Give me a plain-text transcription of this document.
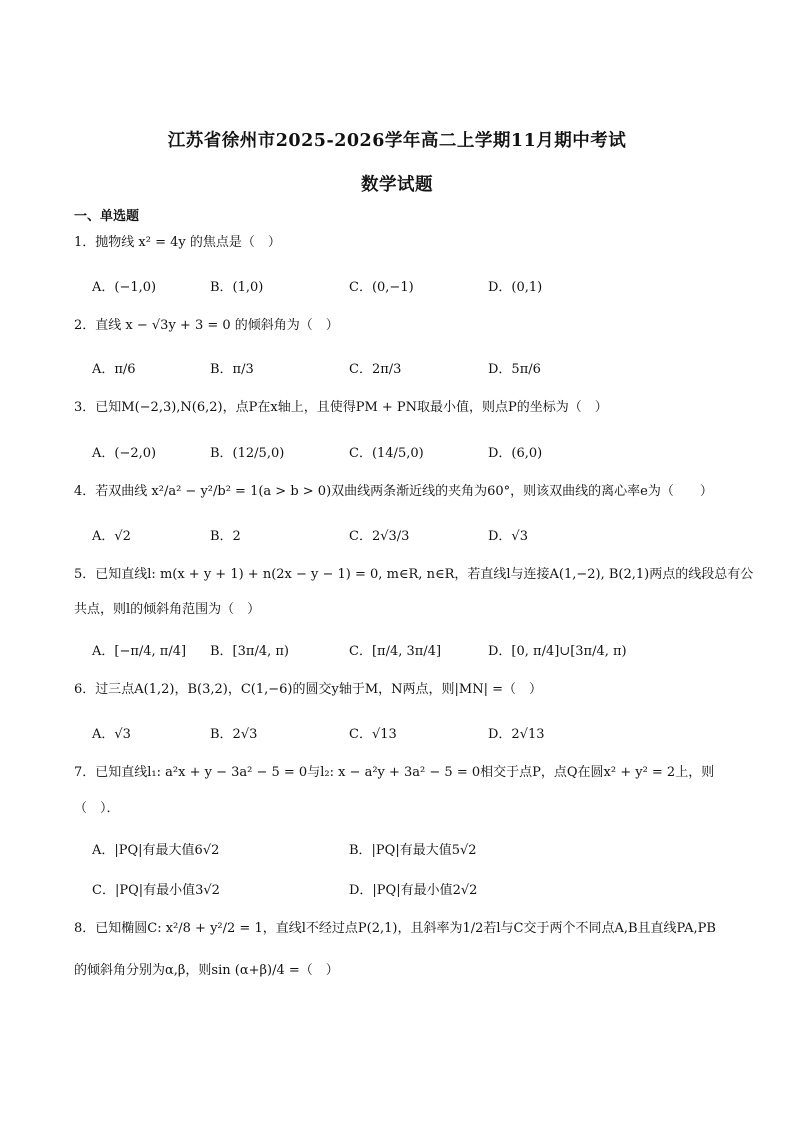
江苏省徐州市2025-2026学年高二上学期11月期中考试
数学试题
一、单选题
1．抛物线 x² = 4y 的焦点是（　）
A．(−1,0)	B．(1,0)	C．(0,−1)	D．(0,1)
2．直线 x − √3y + 3 = 0 的倾斜角为（　）
A．π/6	B．π/3	C．2π/3	D．5π/6
3．已知M(−2,3),N(6,2)，点P在x轴上，且使得PM + PN取最小值，则点P的坐标为（　）
A．(−2,0)	B．(12/5,0)	C．(14/5,0)	D．(6,0)
4．若双曲线 x²/a² − y²/b² = 1(a > b > 0)双曲线两条渐近线的夹角为60°，则该双曲线的离心率e为（　　）
A．√2	B．2	C．2√3/3	D．√3
5．已知直线l: m(x + y + 1) + n(2x − y − 1) = 0, m∈R, n∈R，若直线l与连接A(1,−2), B(2,1)两点的线段总有公
共点，则l的倾斜角范围为（　）
A．[−π/4, π/4] B．[3π/4, π)	C．[π/4, 3π/4]	D．[0, π/4]∪[3π/4, π)
6．过三点A(1,2)，B(3,2)，C(1,−6)的圆交y轴于M，N两点，则|MN| =（　）
A．√3	B．2√3	C．√13	D．2√13
7．已知直线l₁: a²x + y − 3a² − 5 = 0与l₂: x − a²y + 3a² − 5 = 0相交于点P，点Q在圆x² + y² = 2上，则
（　）．
A．|PQ|有最大值6√2	B．|PQ|有最大值5√2
C．|PQ|有最小值3√2	D．|PQ|有最小值2√2
8．已知椭圆C: x²/8 + y²/2 = 1，直线l不经过点P(2,1)，且斜率为1/2若l与C交于两个不同点A,B且直线PA,PB
的倾斜角分别为α,β，则sin (α+β)/4 =（　）
